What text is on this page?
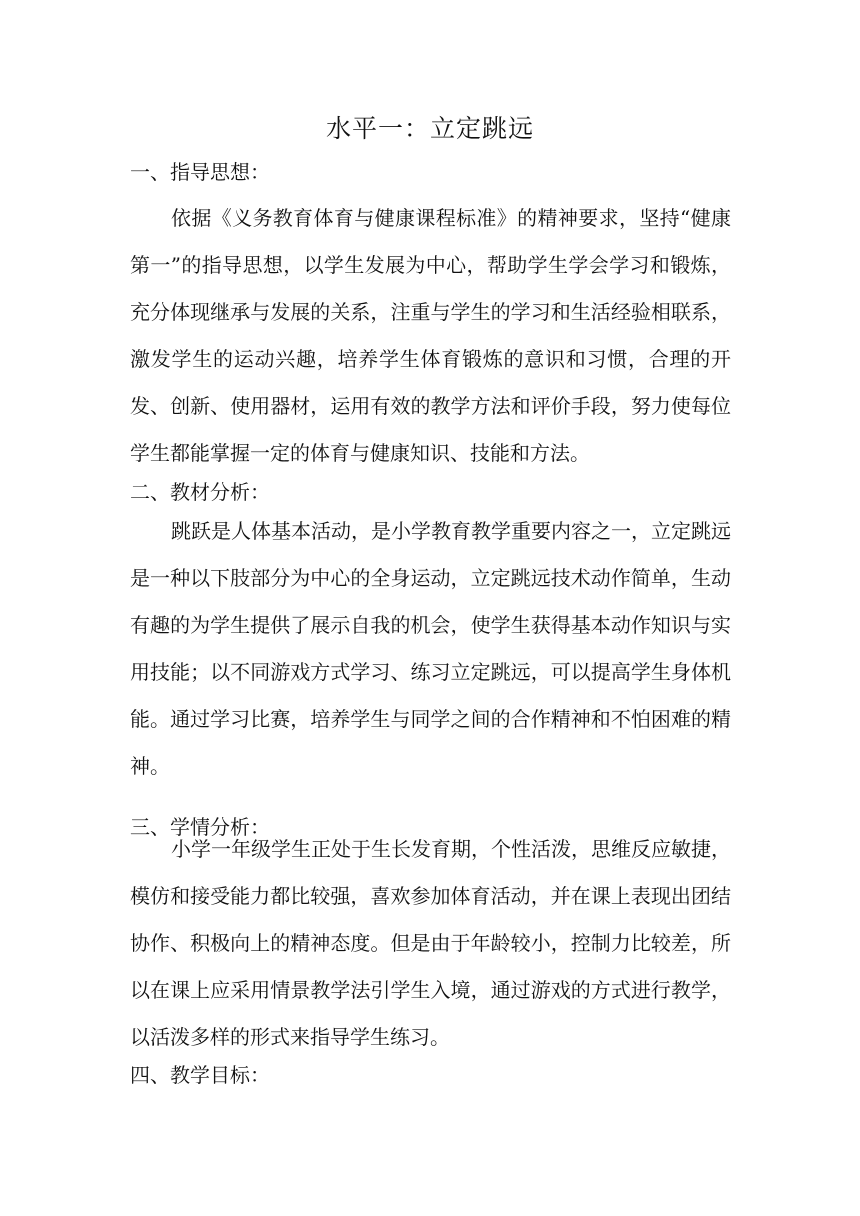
水平一：立定跳远
一、指导思想：
依据《义务教育体育与健康课程标准》的精神要求，坚持“健康第一”的指导思想，以学生发展为中心，帮助学生学会学习和锻炼，充分体现继承与发展的关系，注重与学生的学习和生活经验相联系，激发学生的运动兴趣，培养学生体育锻炼的意识和习惯，合理的开发、创新、使用器材，运用有效的教学方法和评价手段，努力使每位学生都能掌握一定的体育与健康知识、技能和方法。
二、教材分析：
跳跃是人体基本活动，是小学教育教学重要内容之一，立定跳远是一种以下肢部分为中心的全身运动，立定跳远技术动作简单，生动有趣的为学生提供了展示自我的机会，使学生获得基本动作知识与实用技能；以不同游戏方式学习、练习立定跳远，可以提高学生身体机能。通过学习比赛，培养学生与同学之间的合作精神和不怕困难的精神。
三、学情分析：
小学一年级学生正处于生长发育期，个性活泼，思维反应敏捷，模仿和接受能力都比较强，喜欢参加体育活动，并在课上表现出团结协作、积极向上的精神态度。但是由于年龄较小，控制力比较差，所以在课上应采用情景教学法引学生入境，通过游戏的方式进行教学，以活泼多样的形式来指导学生练习。
四、教学目标：
